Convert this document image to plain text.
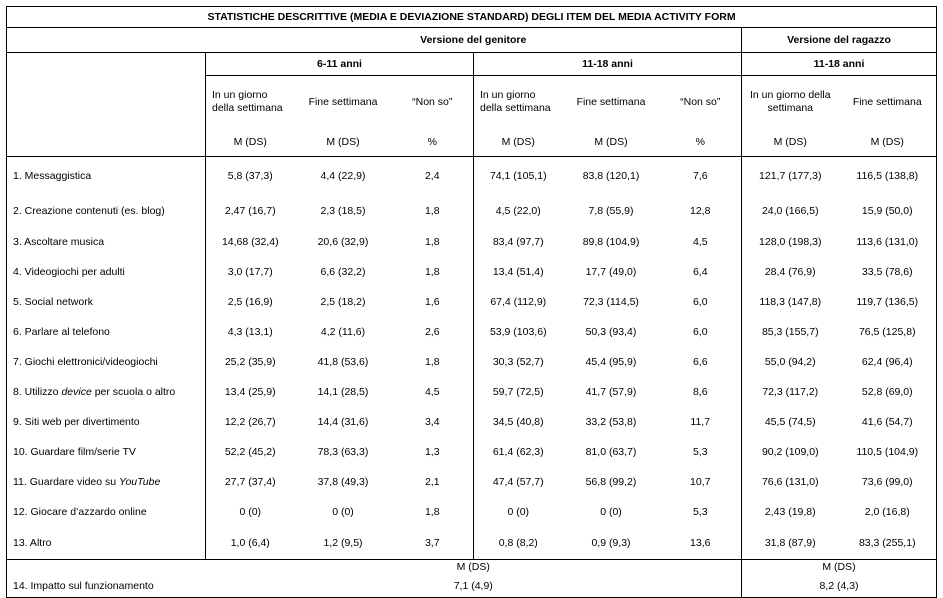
STATISTICHE DESCRITTIVE (MEDIA E DEVIAZIONE STANDARD) DEGLI ITEM DEL MEDIA ACTIVITY FORM								
	Versione del genitore						Versione del ragazzo	
	6-11 anni			11-18 anni			11-18 anni	
	In un giorno della settimana	Fine settimana	“Non so”	In un giorno della settimana	Fine settimana	“Non so”	In un giorno della settimana	Fine settimana
	M (DS)	M (DS)	%	M (DS)	M (DS)	%	M (DS)	M (DS)
1. Messaggistica	5,8 (37,3)	4,4 (22,9)	2,4	74,1 (105,1)	83,8 (120,1)	7,6	121,7 (177,3)	116,5 (138,8)
2. Creazione contenuti (es. blog)	2,47 (16,7)	2,3 (18,5)	1,8	4,5 (22,0)	7,8 (55,9)	12,8	24,0 (166,5)	15,9 (50,0)
3. Ascoltare musica	14,68 (32,4)	20,6 (32,9)	1,8	83,4 (97,7)	89,8 (104,9)	4,5	128,0 (198,3)	113,6 (131,0)
4. Videogiochi per adulti	3,0 (17,7)	6,6 (32,2)	1,8	13,4 (51,4)	17,7 (49,0)	6,4	28,4 (76,9)	33,5 (78,6)
5. Social network	2,5 (16,9)	2,5 (18,2)	1,6	67,4 (112,9)	72,3 (114,5)	6,0	118,3 (147,8)	119,7 (136,5)
6. Parlare al telefono	4,3 (13,1)	4,2 (11,6)	2,6	53,9 (103,6)	50,3 (93,4)	6,0	85,3 (155,7)	76,5 (125,8)
7. Giochi elettronici/videogiochi	25,2 (35,9)	41,8 (53,6)	1,8	30,3 (52,7)	45,4 (95,9)	6,6	55,0 (94,2)	62,4 (96,4)
8. Utilizzo device per scuola o altro	13,4 (25,9)	14,1 (28,5)	4,5	59,7 (72,5)	41,7 (57,9)	8,6	72,3 (117,2)	52,8 (69,0)
9. Siti web per divertimento	12,2 (26,7)	14,4 (31,6)	3,4	34,5 (40,8)	33,2 (53,8)	11,7	45,5 (74,5)	41,6 (54,7)
10. Guardare film/serie TV	52,2 (45,2)	78,3 (63,3)	1,3	61,4 (62,3)	81,0 (63,7)	5,3	90,2 (109,0)	110,5 (104,9)
11. Guardare video su YouTube	27,7 (37,4)	37,8 (49,3)	2,1	47,4 (57,7)	56,8 (99,2)	10,7	76,6 (131,0)	73,6 (99,0)
12. Giocare d’azzardo online	0 (0)	0 (0)	1,8	0 (0)	0 (0)	5,3	2,43 (19,8)	2,0 (16,8)
13. Altro	1,0 (6,4)	1,2 (9,5)	3,7	0,8 (8,2)	0,9 (9,3)	13,6	31,8 (87,9)	83,3 (255,1)
	M (DS)						M (DS)	
14. Impatto sul funzionamento	7,1 (4,9)						8,2 (4,3)	
